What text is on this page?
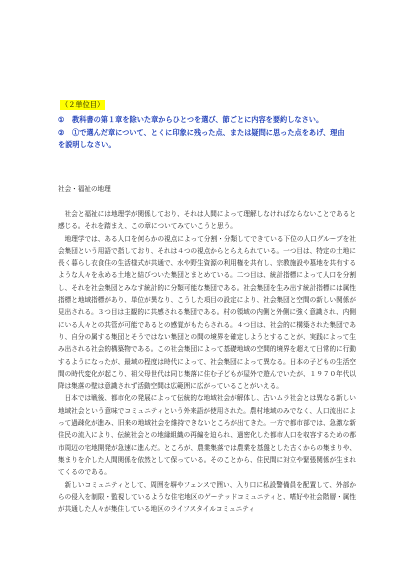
（２単位目）

① 教科書の第１章を除いた章からひとつを選び、節ごとに内容を要約しなさい。

② ①で選んだ章について、とくに印象に残った点、または疑問に思った点をあげ、理由

を説明しなさい。

社会・福祉の地理

社会と福祉には地理学が関係しており、それは人間によって理解しなければならないことであると感じる。それを踏まえ、この章についてみていこうと思う。

地理学では、ある人口を何らかの視点によって分割・分類してできている下位の人口グループを社会集団という用語で指しており、それは４つの視点からとらえられている。一つ目は、特定の土地に長く暮らし衣食住の生活様式が共通で、水や野生資源の利用権を共有し、宗教施設や墓地を共有するような人々を永める土地と結びついた集団とまとめている。二つ目は、統計指標によって人口を分割し、それを社会集団とみなす統計的に分類可能な集団である。社会集団を生み出す統計指標には属性指標と地域指標があり、単位が異なり、こうした項目の設定により、社会集団と空間の新しい関係が見出される。３つ目は主観的に共感される集団である。村の領域の内側と外側に強く意識され、内側にいる人々との共管が可能であるとの感覚がもたらされる。４つ目は、社会的に構築された集団であり、自分の属する集団とそうではない集団との間の境界を確定しようとすることが、実践によって生み出される社会的構築物である。この社会集団によって基礎地域の空間的境界を超えて日常的に行動するようになったが、最域の程度は時代によって、社会集団によって異なる。日本の子どもの生活空間の時代変化が起こり、祖父母世代は同じ集落に住む子どもが屋外で遊んでいたが、１９７０年代以降は集落の壁は意識されず活動空間は広範囲に広がっていることがいえる。

日本では戦後、都市化の発展によって伝統的な地域社会が解体し、古いムラ社会とは異なる新しい地域社会という意味でコミュニティという外来語が使用された。農村地域のみでなく、人口流出によって過疎化が進み、旧来の地域社会を維持できないところが出てきた。一方で都市部では、急激な新住民の流入により、伝統社会との地縁組織の再編を迫られ、過密化した都市人口を収容するための都市周辺の宅地開発が急速に進んだ。ところが、農業集落では農業を基盤とした古くからの集まりや、集まりを介した人間関係を依然として保っている。そのことから、住民間に対立や緊張関係が生まれてくるのである。

新しいコミュニティとして、周囲を塀やフェンスで囲い、入り口に私設警備員を配置して、外部からの侵入を制限・監視しているような住宅地区のゲーテッドコミュニティと、嗜好や社会階層・属性が共通した人々が集住している地区のライフスタイルコミュニティ
